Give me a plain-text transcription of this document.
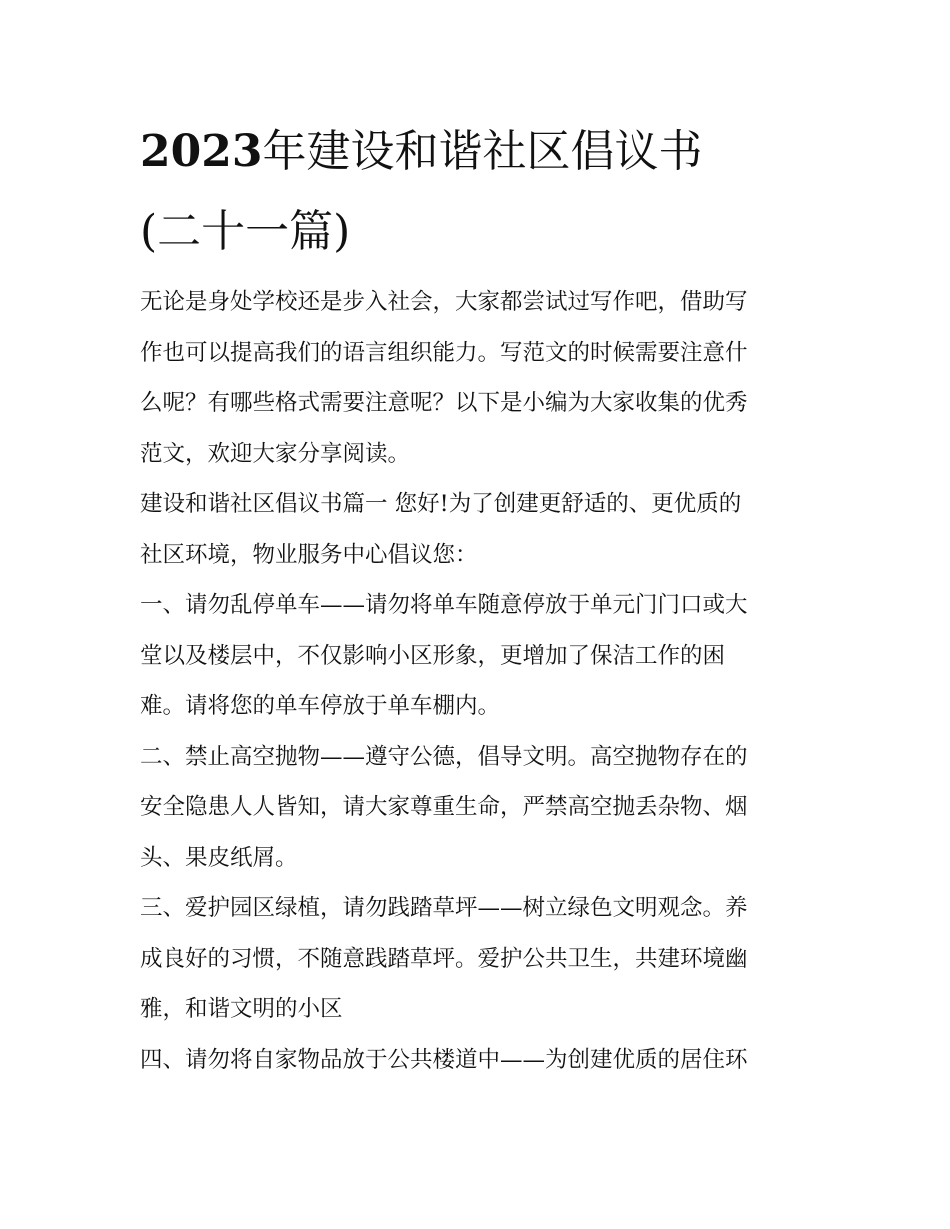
2023年建设和谐社区倡议书
(二十一篇)
无论是身处学校还是步入社会，大家都尝试过写作吧，借助写
作也可以提高我们的语言组织能力。写范文的时候需要注意什
么呢？有哪些格式需要注意呢？以下是小编为大家收集的优秀
范文，欢迎大家分享阅读。
建设和谐社区倡议书篇一 您好!为了创建更舒适的、更优质的
社区环境，物业服务中心倡议您：
一、请勿乱停单车——请勿将单车随意停放于单元门门口或大
堂以及楼层中，不仅影响小区形象，更增加了保洁工作的困
难。请将您的单车停放于单车棚内。
二、禁止高空抛物——遵守公德，倡导文明。高空抛物存在的
安全隐患人人皆知，请大家尊重生命，严禁高空抛丢杂物、烟
头、果皮纸屑。
三、爱护园区绿植，请勿践踏草坪——树立绿色文明观念。养
成良好的习惯，不随意践踏草坪。爱护公共卫生，共建环境幽
雅，和谐文明的小区
四、请勿将自家物品放于公共楼道中——为创建优质的居住环
